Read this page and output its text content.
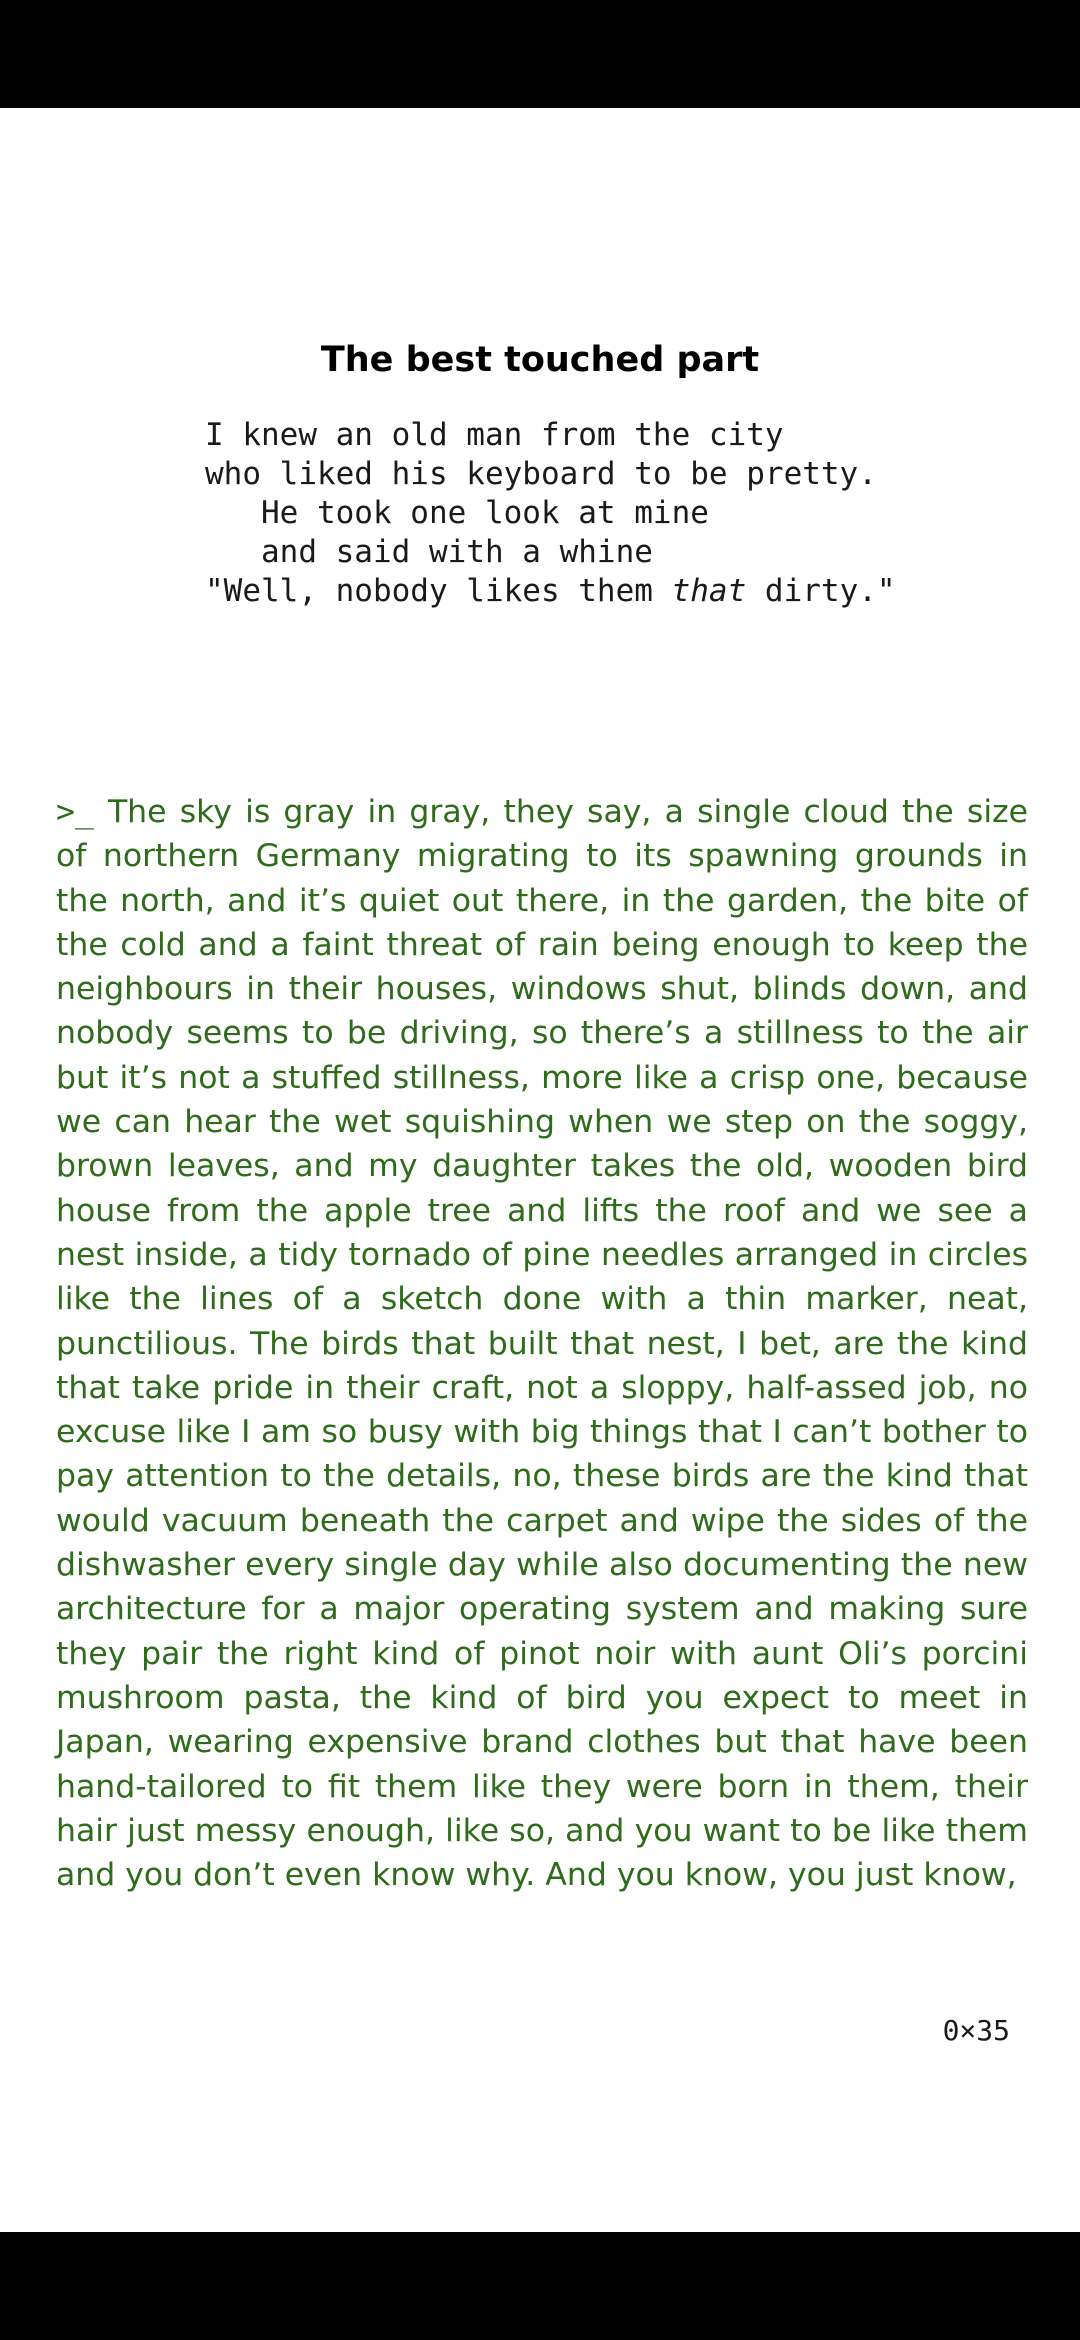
The best touched part
I knew an old man from the city
who liked his keyboard to be pretty.
He took one look at mine
and said with a whine
"Well, nobody likes them that dirty."

>_ The sky is gray in gray, they say, a single cloud the size of northern Germany migrating to its spawning grounds in the north, and it’s quiet out there, in the garden, the bite of the cold and a faint threat of rain being enough to keep the neighbours in their houses, windows shut, blinds down, and nobody seems to be driving, so there’s a stillness to the air but it’s not a stuffed stillness, more like a crisp one, because we can hear the wet squishing when we step on the soggy, brown leaves, and my daughter takes the old, wooden bird house from the apple tree and lifts the roof and we see a nest inside, a tidy tornado of pine needles arranged in circles like the lines of a sketch done with a thin marker, neat, punctilious. The birds that built that nest, I bet, are the kind that take pride in their craft, not a sloppy, half-assed job, no excuse like I am so busy with big things that I can’t bother to pay attention to the details, no, these birds are the kind that would vacuum beneath the carpet and wipe the sides of the dishwasher every single day while also documenting the new architecture for a major operating system and making sure they pair the right kind of pinot noir with aunt Oli’s porcini mushroom pasta, the kind of bird you expect to meet in Japan, wearing expensive brand clothes but that have been hand-tailored to fit them like they were born in them, their hair just messy enough, like so, and you want to be like them and you don’t even know why. And you know, you just know,

0×35
